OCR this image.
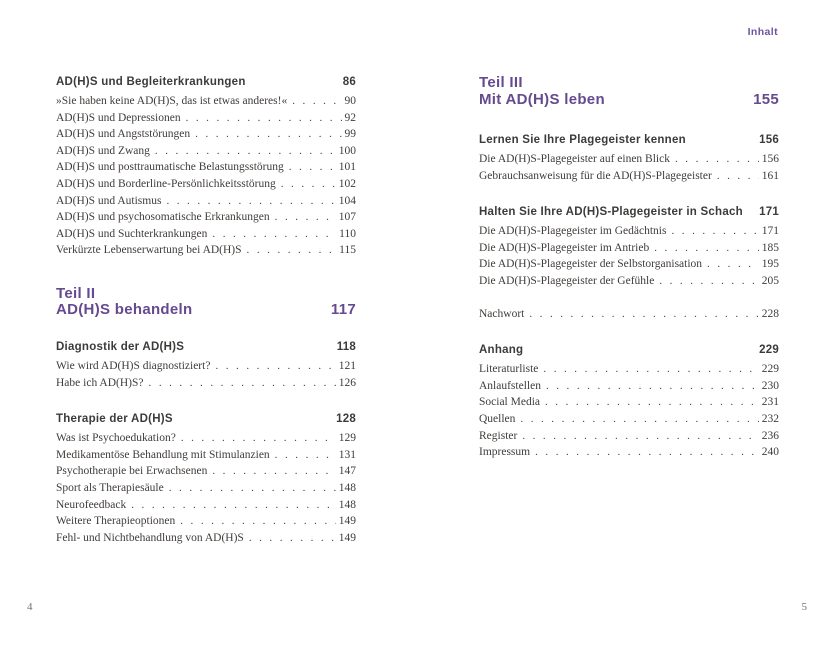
Inhalt
AD(H)S und Begleiterkrankungen	86
»Sie haben keine AD(H)S, das ist etwas anderes!« . . .	90
AD(H)S und Depressionen . . .	92
AD(H)S und Angststörungen . . .	99
AD(H)S und Zwang . . .	100
AD(H)S und posttraumatische Belastungsstörung . . .	101
AD(H)S und Borderline-Persönlichkeitsstörung . . .	102
AD(H)S und Autismus . . .	104
AD(H)S und psychosomatische Erkrankungen . . .	107
AD(H)S und Suchterkrankungen . . .	110
Verkürzte Lebenserwartung bei AD(H)S . . .	115
Teil II
AD(H)S behandeln	117
Diagnostik der AD(H)S	118
Wie wird AD(H)S diagnostiziert? . . .	121
Habe ich AD(H)S? . . .	126
Therapie der AD(H)S	128
Was ist Psychoedukation? . . .	129
Medikamentöse Behandlung mit Stimulanzien . . .	131
Psychotherapie bei Erwachsenen . . .	147
Sport als Therapiesäule . . .	148
Neurofeedback . . .	148
Weitere Therapieoptionen . . .	149
Fehl- und Nichtbehandlung von AD(H)S . . .	149
Teil III
Mit AD(H)S leben	155
Lernen Sie Ihre Plagegeister kennen	156
Die AD(H)S-Plagegeister auf einen Blick . . .	156
Gebrauchsanweisung für die AD(H)S-Plagegeister . . .	161
Halten Sie Ihre AD(H)S-Plagegeister in Schach 171
Die AD(H)S-Plagegeister im Gedächtnis . . .	171
Die AD(H)S-Plagegeister im Antrieb . . .	185
Die AD(H)S-Plagegeister der Selbstorganisation . . .	195
Die AD(H)S-Plagegeister der Gefühle . . .	205
Nachwort . . .	228
Anhang	229
Literaturliste . . .	229
Anlaufstellen . . .	230
Social Media . . .	231
Quellen . . .	232
Register . . .	236
Impressum . . .	240
4	5
